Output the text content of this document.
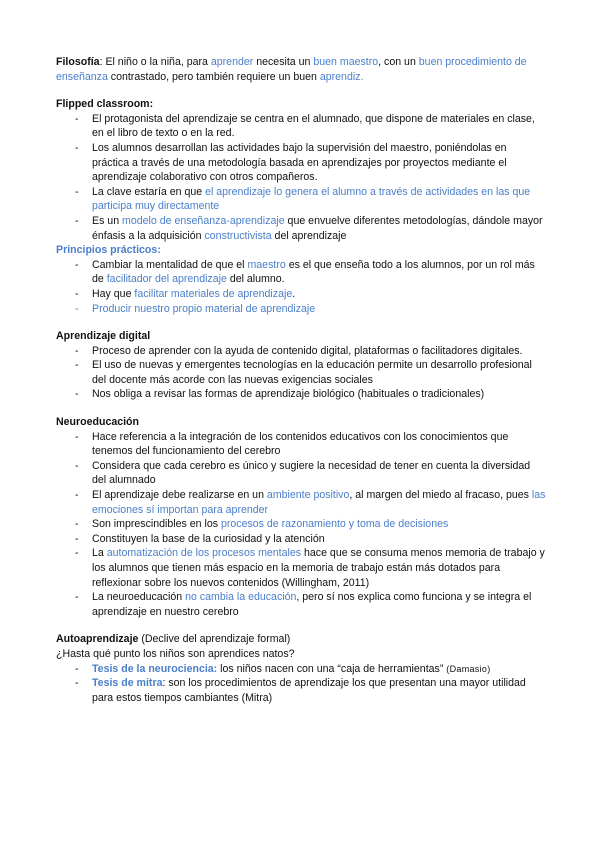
Filosofía: El niño o la niña, para aprender necesita un buen maestro, con un buen procedimiento de enseñanza contrastado, pero también requiere un buen aprendiz.

Flipped classroom:

- El protagonista del aprendizaje se centra en el alumnado, que dispone de materiales en clase, en el libro de texto o en la red.
- Los alumnos desarrollan las actividades bajo la supervisión del maestro, poniéndolas en práctica a través de una metodología basada en aprendizajes por proyectos mediante el aprendizaje colaborativo con otros compañeros.
- La clave estaría en que el aprendizaje lo genera el alumno a través de actividades en las que participa muy directamente
- Es un modelo de enseñanza-aprendizaje que envuelve diferentes metodologías, dándole mayor énfasis a la adquisición constructivista del aprendizaje

Principios prácticos:

- Cambiar la mentalidad de que el maestro es el que enseña todo a los alumnos, por un rol más de facilitador del aprendizaje del alumno.
- Hay que facilitar materiales de aprendizaje.
- Producir nuestro propio material de aprendizaje

Aprendizaje digital

- Proceso de aprender con la ayuda de contenido digital, plataformas o facilitadores digitales.
- El uso de nuevas y emergentes tecnologías en la educación permite un desarrollo profesional del docente más acorde con las nuevas exigencias sociales
- Nos obliga a revisar las formas de aprendizaje biológico (habituales o tradicionales)

Neuroeducación

- Hace referencia a la integración de los contenidos educativos con los conocimientos que tenemos del funcionamiento del cerebro
- Considera que cada cerebro es único y sugiere la necesidad de tener en cuenta la diversidad del alumnado
- El aprendizaje debe realizarse en un ambiente positivo, al margen del miedo al fracaso, pues las emociones sí importan para aprender
- Son imprescindibles en los procesos de razonamiento y toma de decisiones
- Constituyen la base de la curiosidad y la atención
- La automatización de los procesos mentales hace que se consuma menos memoria de trabajo y los alumnos que tienen más espacio en la memoria de trabajo están más dotados para reflexionar sobre los nuevos contenidos (Willingham, 2011)
- La neuroeducación no cambia la educación, pero sí nos explica como funciona y se integra el aprendizaje en nuestro cerebro

Autoaprendizaje (Declive del aprendizaje formal)

¿Hasta qué punto los niños son aprendices natos?

- Tesis de la neurociencia: los niños nacen con una “caja de herramientas” (Damasio)
- Tesis de mitra: son los procedimientos de aprendizaje los que presentan una mayor utilidad para estos tiempos cambiantes (Mitra)
